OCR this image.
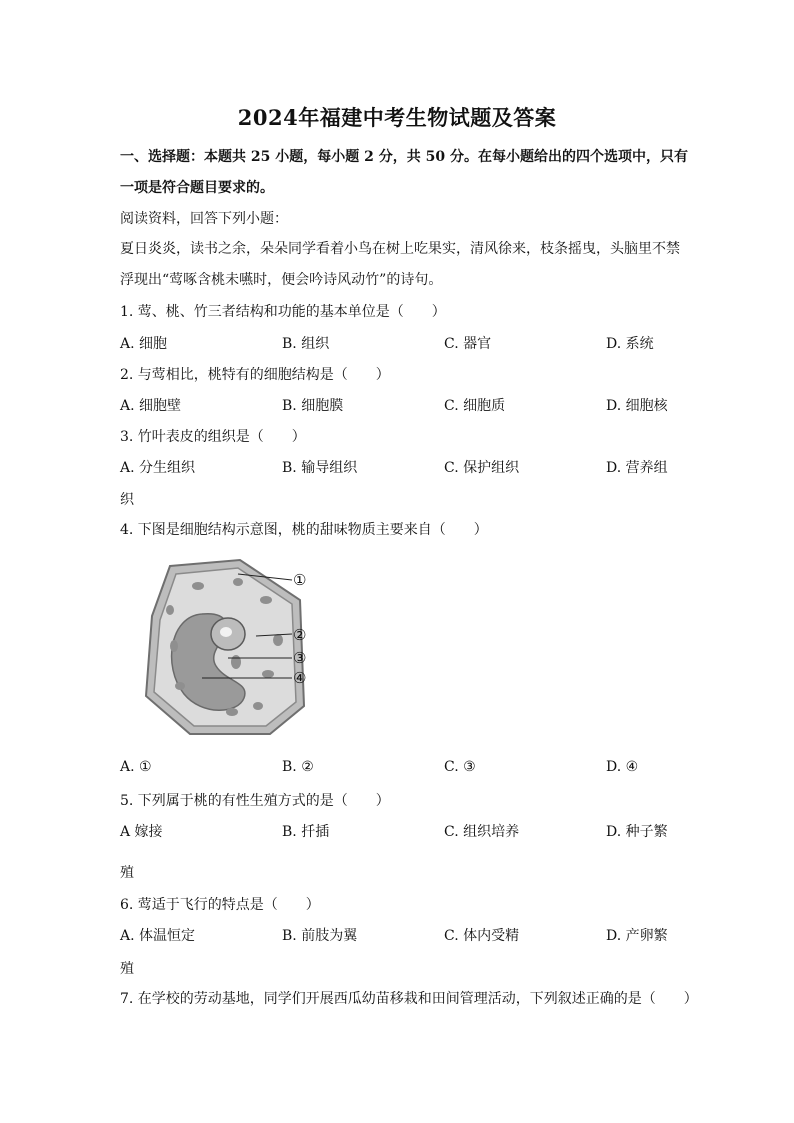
2024年福建中考生物试题及答案
一、选择题：本题共 25 小题，每小题 2 分，共 50 分。在每小题给出的四个选项中，只有
一项是符合题目要求的。
阅读资料，回答下列小题：
夏日炎炎，读书之余，朵朵同学看着小鸟在树上吃果实，清风徐来，枝条摇曳，头脑里不禁
浮现出“莺啄含桃未嚥时，便会吟诗风动竹”的诗句。
1. 莺、桃、竹三者结构和功能的基本单位是（　　）
A. 细胞	B. 组织	C. 器官	D. 系统
2. 与莺相比，桃特有的细胞结构是（　　）
A. 细胞壁	B. 细胞膜	C. 细胞质	D. 细胞核
3. 竹叶表皮的组织是（　　）
A. 分生组织	B. 输导组织	C. 保护组织	D. 营养组
织
4. 下图是细胞结构示意图，桃的甜味物质主要来自（　　）
①
②
③
④
A. ①	B. ②	C. ③	D. ④
5. 下列属于桃的有性生殖方式的是（　　）
A 嫁接	B. 扦插	C. 组织培养	D. 种子繁
殖
6. 莺适于飞行的特点是（　　）
A. 体温恒定	B. 前肢为翼	C. 体内受精	D. 产卵繁
殖
7. 在学校的劳动基地，同学们开展西瓜幼苗移栽和田间管理活动，下列叙述正确的是（　　）
